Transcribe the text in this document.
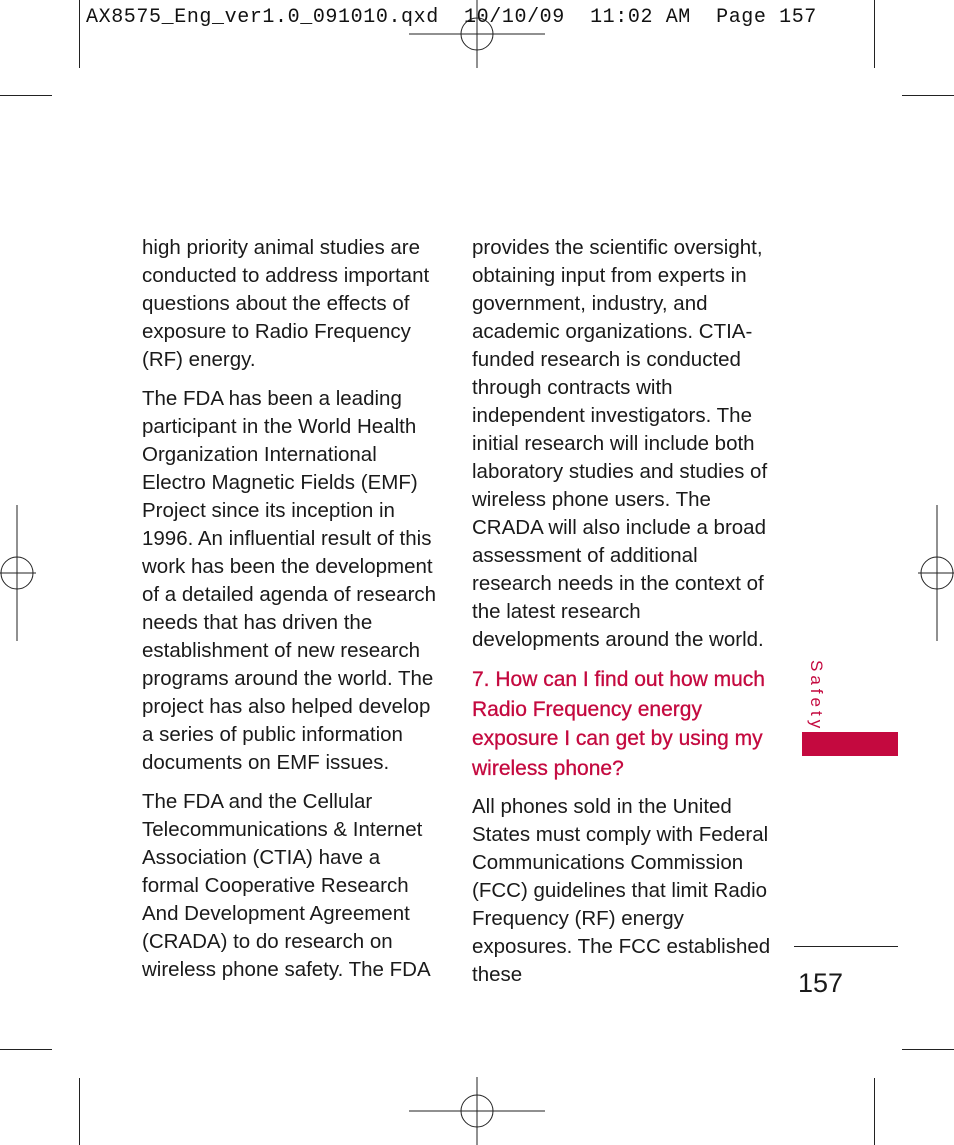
AX8575_Eng_ver1.0_091010.qxd  10/10/09  11:02 AM  Page 157

high priority animal studies are conducted to address important questions about the effects of exposure to Radio Frequency (RF) energy.

The FDA has been a leading participant in the World Health Organization International Electro Magnetic Fields (EMF) Project since its inception in 1996. An influential result of this work has been the development of a detailed agenda of research needs that has driven the establishment of new research programs around the world. The project has also helped develop a series of public information documents on EMF issues.

The FDA and the Cellular Telecommunications & Internet Association (CTIA) have a formal Cooperative Research And Development Agreement (CRADA) to do research on wireless phone safety. The FDA

provides the scientific oversight, obtaining input from experts in government, industry, and academic organizations. CTIA-funded research is conducted through contracts with independent investigators. The initial research will include both laboratory studies and studies of wireless phone users. The CRADA will also include a broad assessment of additional research needs in the context of the latest research developments around the world.

7. How can I find out how much Radio Frequency energy exposure I can get by using my wireless phone?

All phones sold in the United States must comply with Federal Communications Commission (FCC) guidelines that limit Radio Frequency (RF) energy exposures. The FCC established these

Safety
157
